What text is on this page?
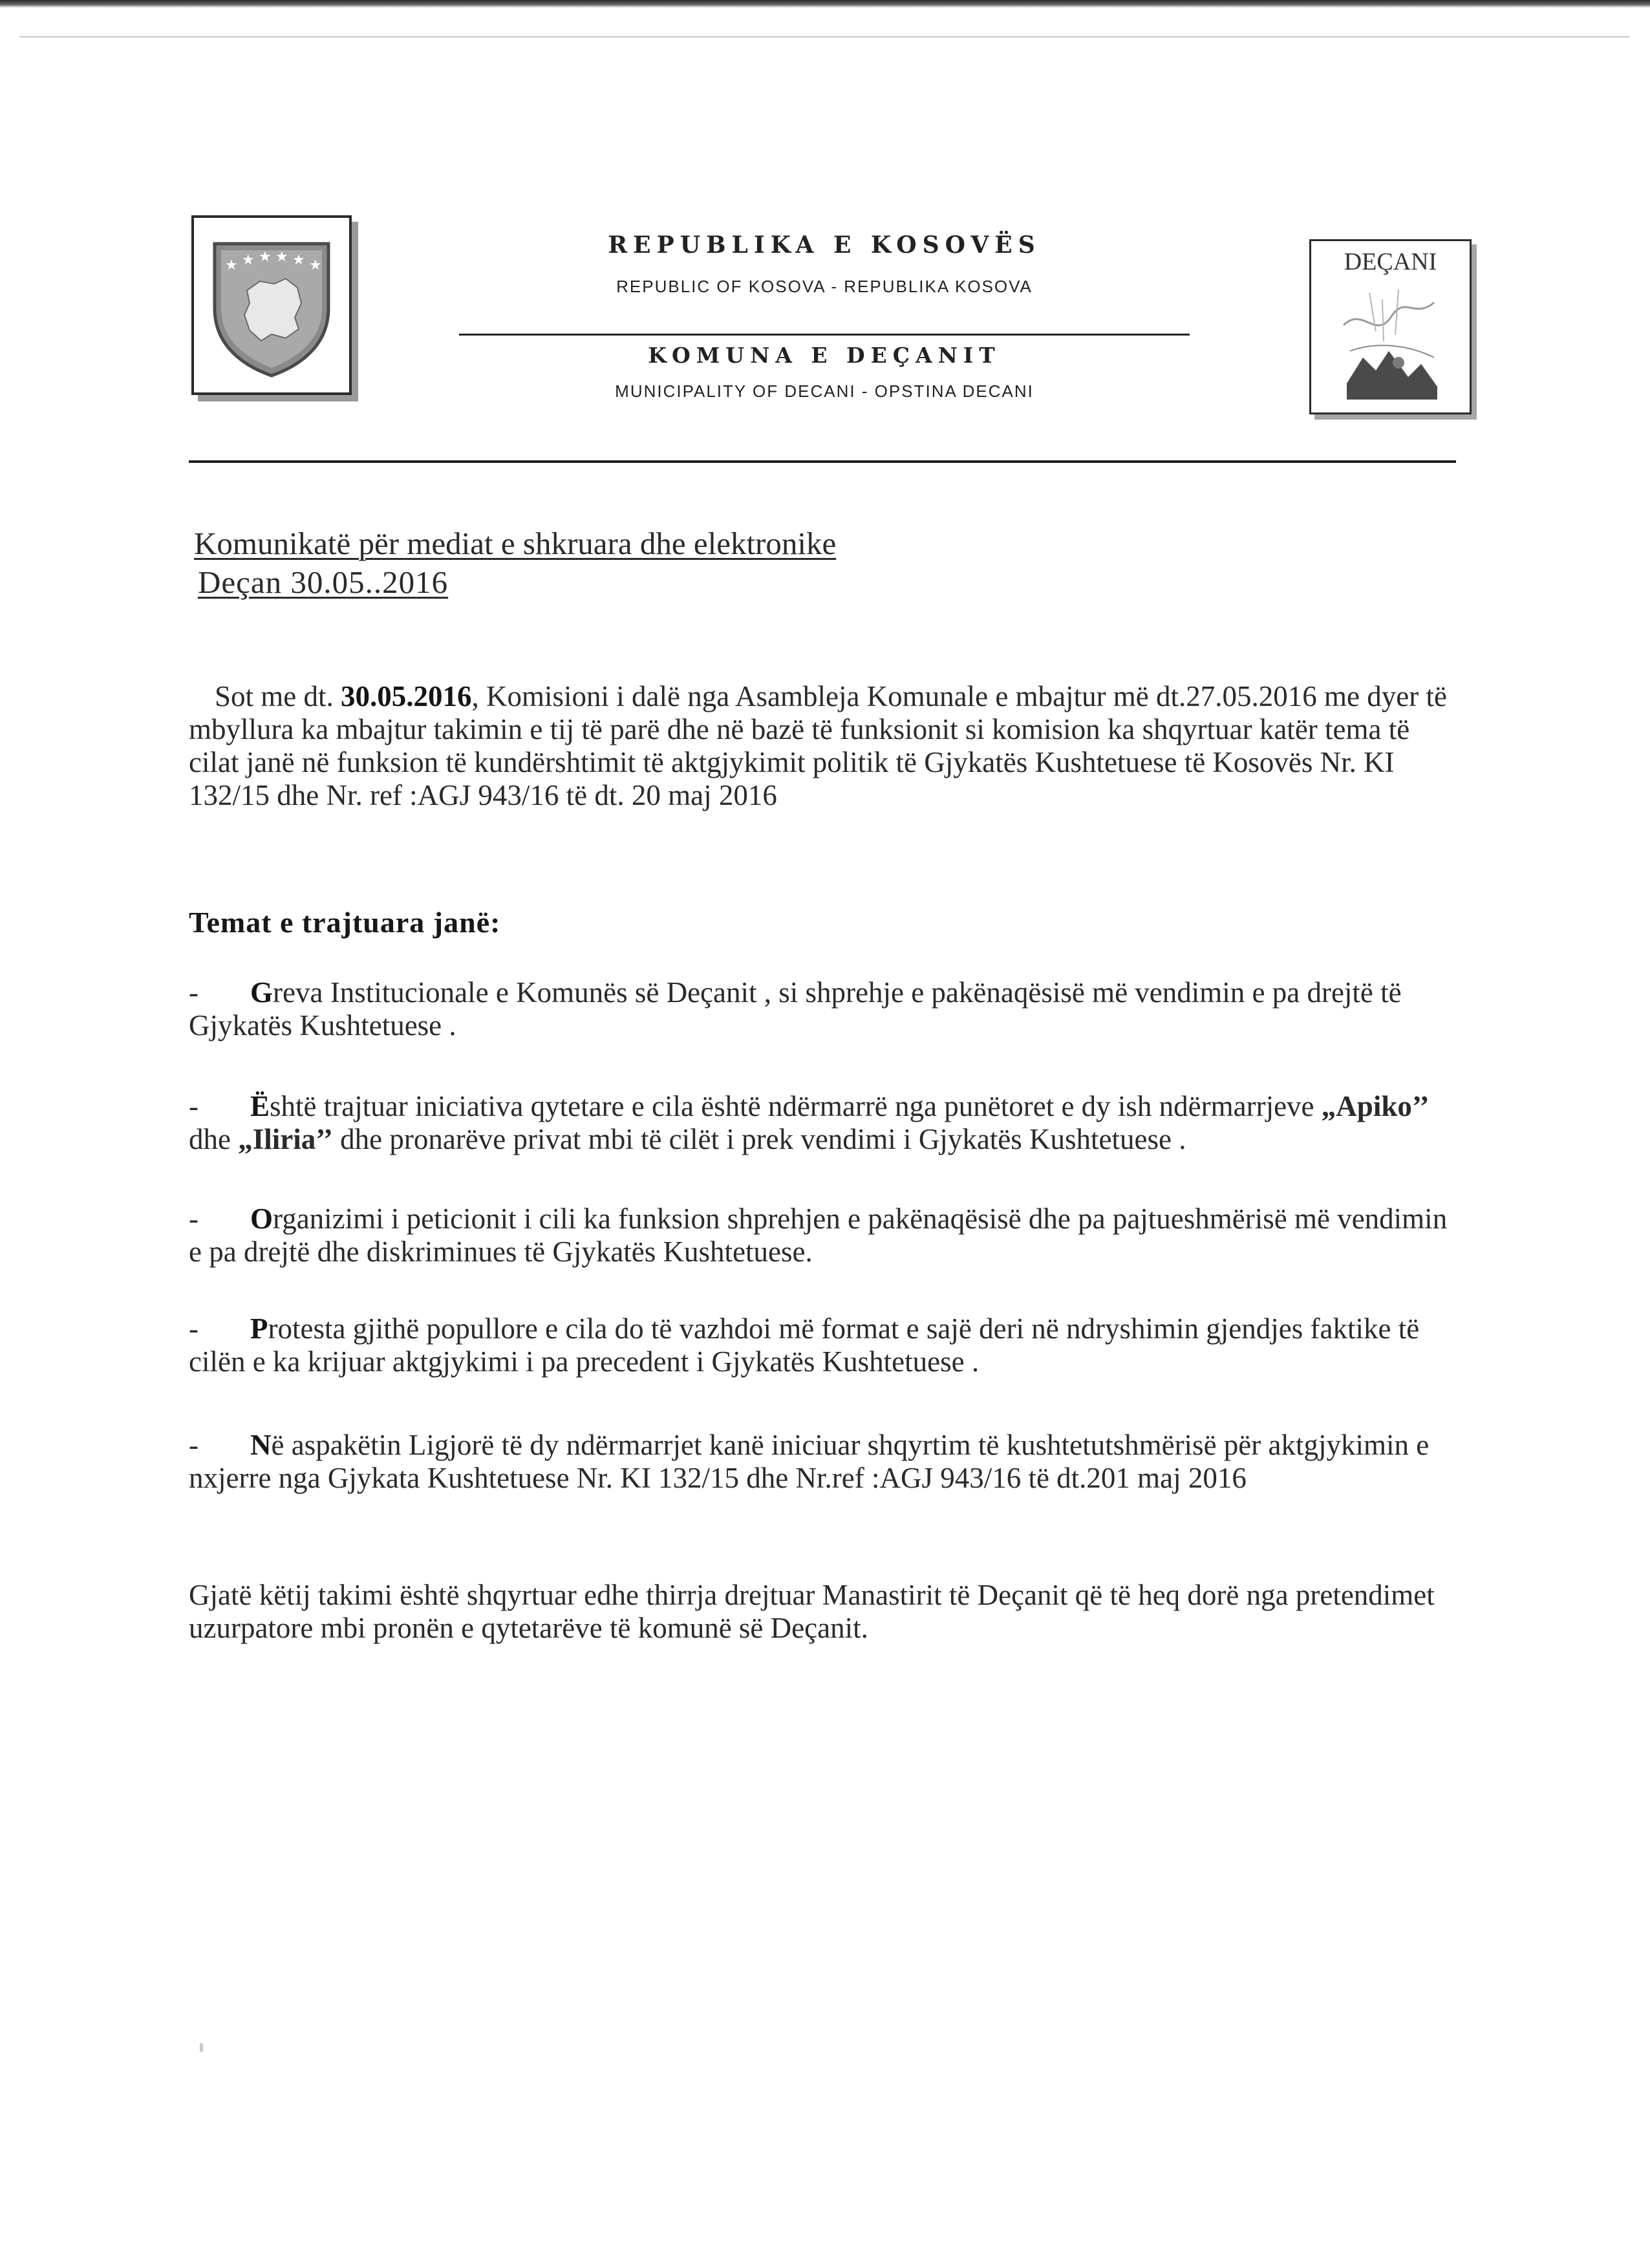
★ ★ ★ ★ ★ ★
REPUBLIKA E KOSOVËS
REPUBLIC OF KOSOVA - REPUBLIKA KOSOVA
KOMUNA E DEÇANIT
MUNICIPALITY OF DECANI - OPSTINA DECANI
DEÇANI
Komunikatë për mediat e shkruara dhe elektronike
Deçan 30.05..2016
Sot me dt. 30.05.2016, Komisioni i dalë nga Asambleja Komunale e mbajtur më dt.27.05.2016 me dyer të mbyllura ka mbajtur takimin e tij të parë dhe në bazë të funksionit si komision ka shqyrtuar katër tema të cilat janë në funksion të kundërshtimit të aktgjykimit politik të Gjykatës Kushtetuese të Kosovës Nr. KI 132/15 dhe Nr. ref :AGJ 943/16 të dt. 20 maj 2016
Temat e trajtuara janë:
- Greva Institucionale e Komunës së Deçanit , si shprehje e pakënaqësisë më vendimin e pa drejtë të Gjykatës Kushtetuese .
- Është trajtuar iniciativa qytetare e cila është ndërmarrë nga punëtoret e dy ish ndërmarrjeve „Apiko’’ dhe „Iliria’’ dhe pronarëve privat mbi të cilët i prek vendimi i Gjykatës Kushtetuese .
- Organizimi i peticionit i cili ka funksion shprehjen e pakënaqësisë dhe pa pajtueshmërisë më vendimin e pa drejtë dhe diskriminues të Gjykatës Kushtetuese.
- Protesta gjithë popullore e cila do të vazhdoi më format e sajë deri në ndryshimin gjendjes faktike të cilën e ka krijuar aktgjykimi i pa precedent i Gjykatës Kushtetuese .
- Në aspakëtin Ligjorë të dy ndërmarrjet kanë iniciuar shqyrtim të kushtetutshmërisë për aktgjykimin e nxjerre nga Gjykata Kushtetuese Nr. KI 132/15 dhe Nr.ref :AGJ 943/16 të dt.201 maj 2016
Gjatë këtij takimi është shqyrtuar edhe thirrja drejtuar Manastirit të Deçanit që të heq dorë nga pretendimet uzurpatore mbi pronën e qytetarëve të komunë së Deçanit.
